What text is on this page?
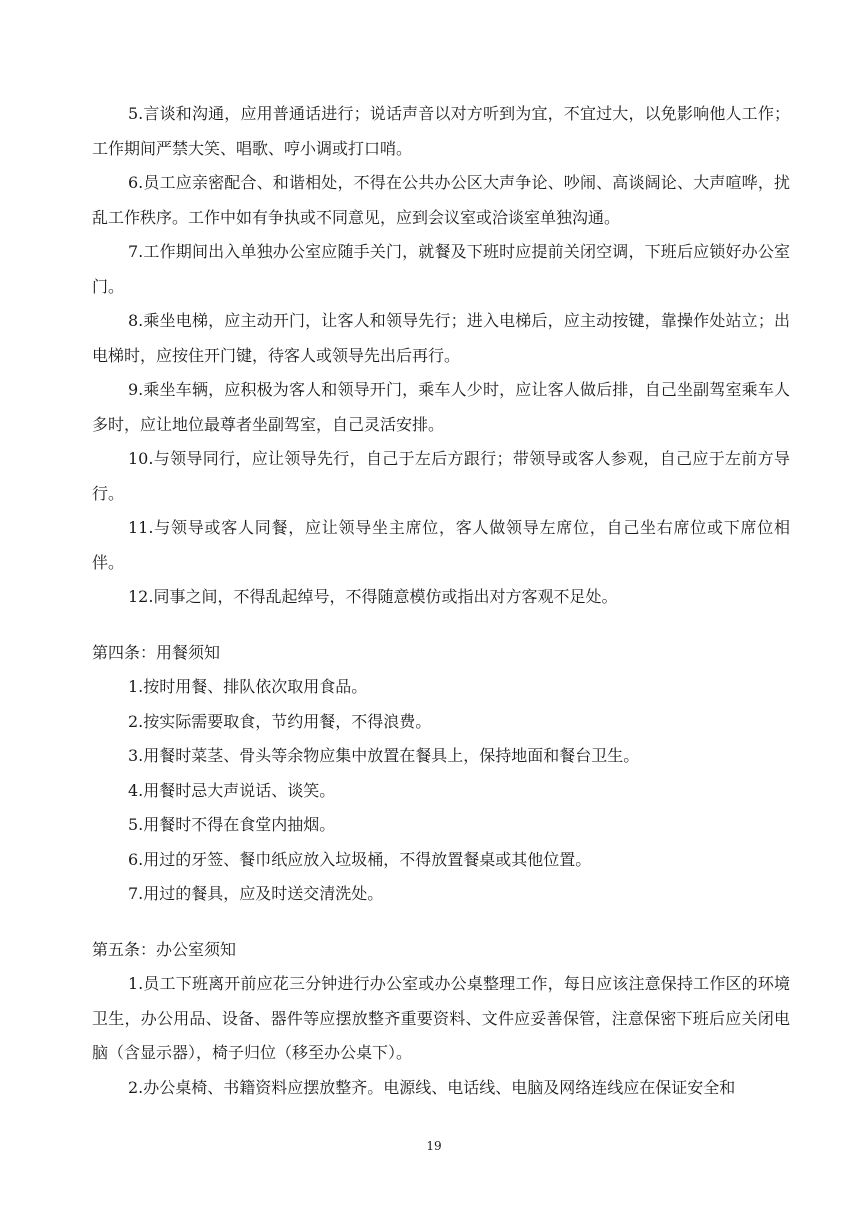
5.言谈和沟通，应用普通话进行；说话声音以对方听到为宜，不宜过大，以免影响他人工作；工作期间严禁大笑、唱歌、哼小调或打口哨。

6.员工应亲密配合、和谐相处，不得在公共办公区大声争论、吵闹、高谈阔论、大声喧哗，扰乱工作秩序。工作中如有争执或不同意见，应到会议室或洽谈室单独沟通。

7.工作期间出入单独办公室应随手关门，就餐及下班时应提前关闭空调，下班后应锁好办公室门。

8.乘坐电梯，应主动开门，让客人和领导先行；进入电梯后，应主动按键，靠操作处站立；出电梯时，应按住开门键，待客人或领导先出后再行。

9.乘坐车辆，应积极为客人和领导开门，乘车人少时，应让客人做后排，自己坐副驾室乘车人多时，应让地位最尊者坐副驾室，自己灵活安排。

10.与领导同行，应让领导先行，自己于左后方跟行；带领导或客人参观，自己应于左前方导行。

11.与领导或客人同餐，应让领导坐主席位，客人做领导左席位，自己坐右席位或下席位相伴。

12.同事之间，不得乱起绰号，不得随意模仿或指出对方客观不足处。

第四条：用餐须知

1.按时用餐、排队依次取用食品。

2.按实际需要取食，节约用餐，不得浪费。

3.用餐时菜茎、骨头等余物应集中放置在餐具上，保持地面和餐台卫生。

4.用餐时忌大声说话、谈笑。

5.用餐时不得在食堂内抽烟。

6.用过的牙签、餐巾纸应放入垃圾桶，不得放置餐桌或其他位置。

7.用过的餐具，应及时送交清洗处。

第五条：办公室须知

1.员工下班离开前应花三分钟进行办公室或办公桌整理工作，每日应该注意保持工作区的环境卫生，办公用品、设备、器件等应摆放整齐重要资料、文件应妥善保管，注意保密下班后应关闭电脑（含显示器），椅子归位（移至办公桌下）。

2.办公桌椅、书籍资料应摆放整齐。电源线、电话线、电脑及网络连线应在保证安全和

19
